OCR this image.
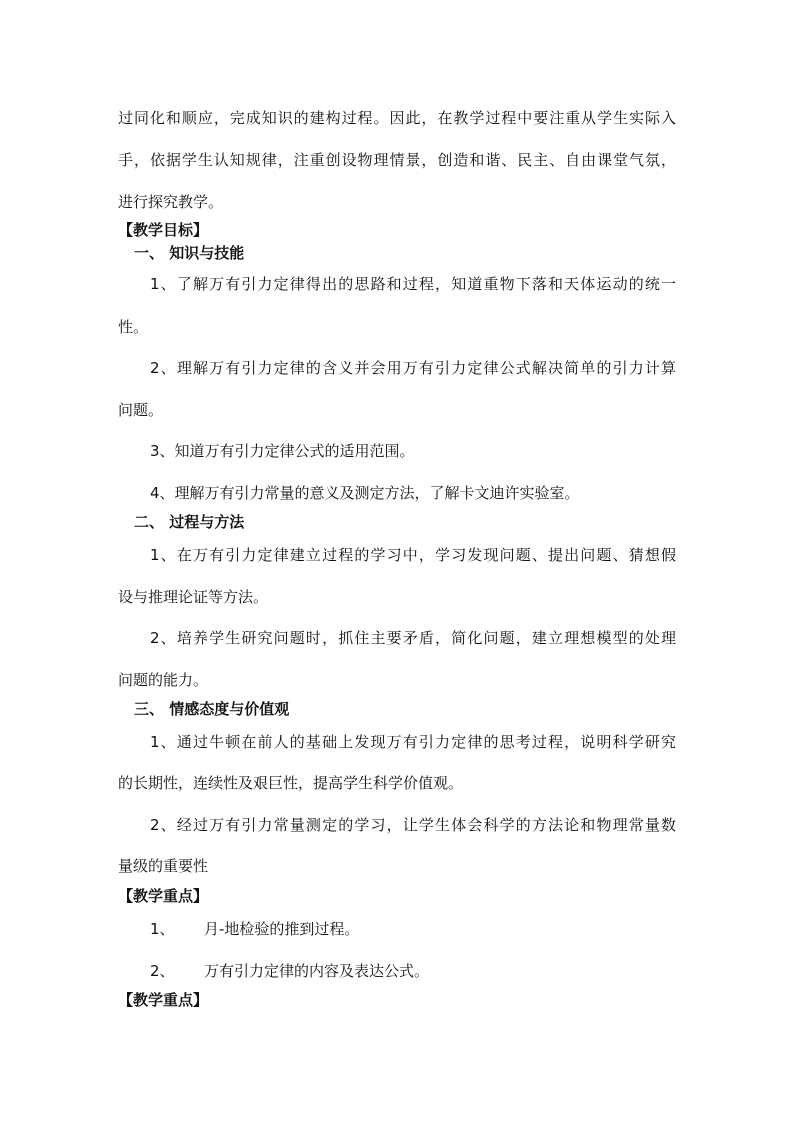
过同化和顺应，完成知识的建构过程。因此，在教学过程中要注重从学生实际入
手，依据学生认知规律，注重创设物理情景，创造和谐、民主、自由课堂气氛，
进行探究教学。
【教学目标】
一、 知识与技能
1、了解万有引力定律得出的思路和过程，知道重物下落和天体运动的统一
性。
2、理解万有引力定律的含义并会用万有引力定律公式解决简单的引力计算
问题。
3、知道万有引力定律公式的适用范围。
4、理解万有引力常量的意义及测定方法，了解卡文迪许实验室。
二、 过程与方法
1、在万有引力定律建立过程的学习中，学习发现问题、提出问题、猜想假
设与推理论证等方法。
2、培养学生研究问题时，抓住主要矛盾，简化问题，建立理想模型的处理
问题的能力。
三、 情感态度与价值观
1、通过牛顿在前人的基础上发现万有引力定律的思考过程，说明科学研究
的长期性，连续性及艰巨性，提高学生科学价值观。
2、经过万有引力常量测定的学习，让学生体会科学的方法论和物理常量数
量级的重要性
【教学重点】
1、 月-地检验的推到过程。
2、 万有引力定律的内容及表达公式。
【教学重点】
